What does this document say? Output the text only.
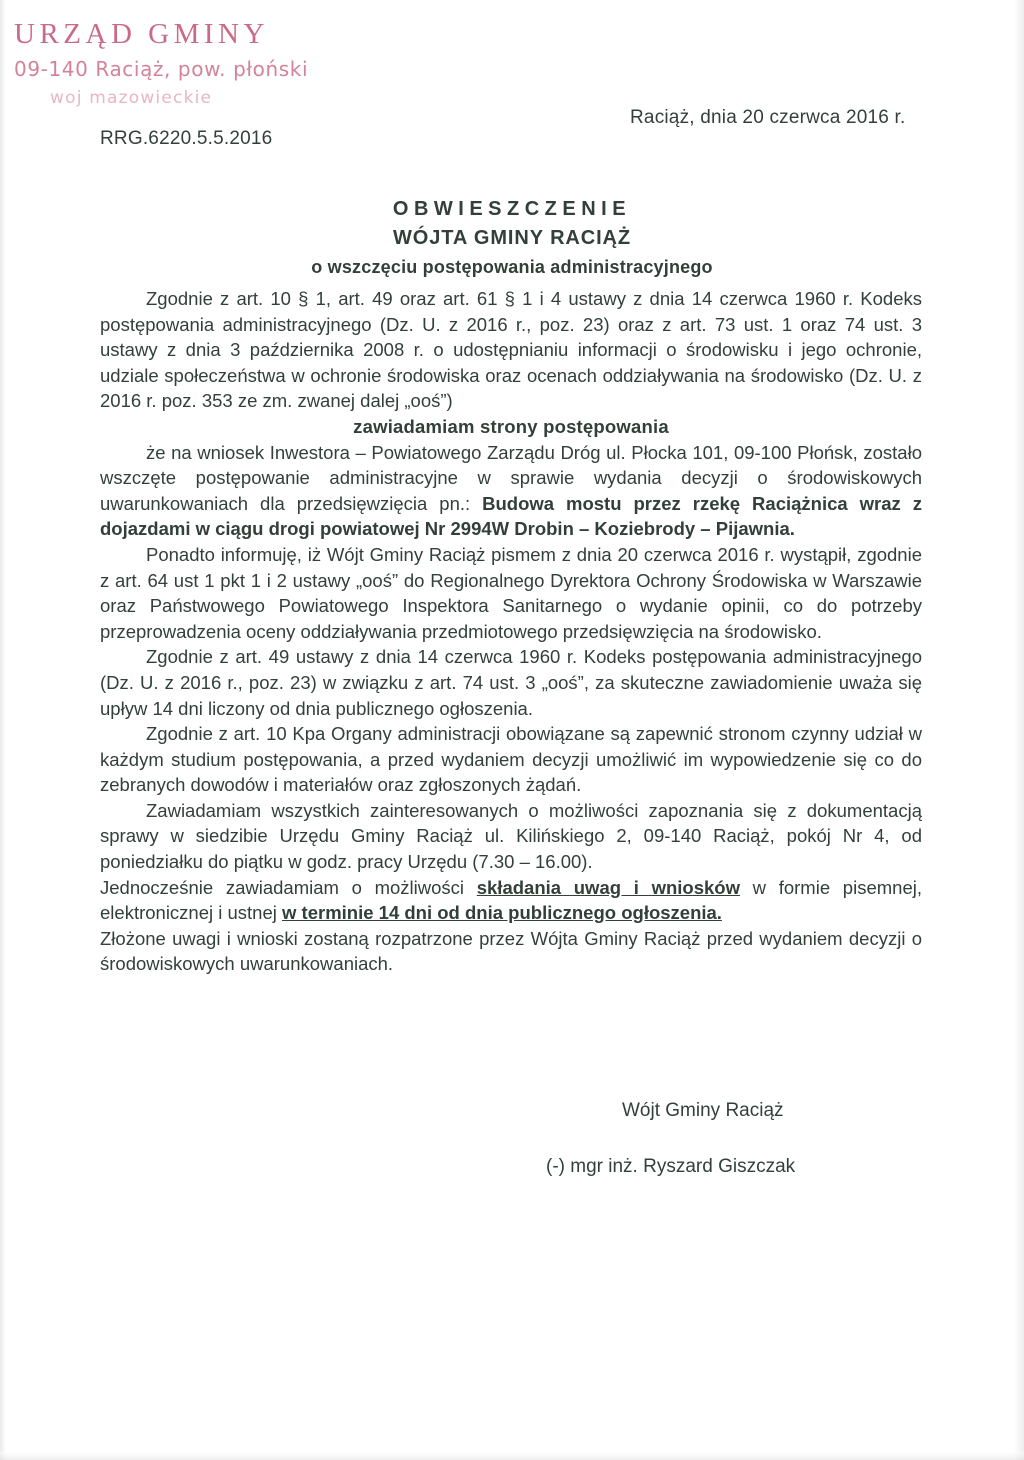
URZĄD GMINY
09-140 Raciąż, pow. płoński
woj mazowieckie
RRG.6220.5.5.2016
Raciąż, dnia 20 czerwca 2016 r.
OBWIESZCZENIE
WÓJTA GMINY RACIĄŻ
o wszczęciu postępowania administracyjnego

Zgodnie z art. 10 § 1, art. 49 oraz art. 61 § 1 i 4 ustawy z dnia 14 czerwca 1960 r. Kodeks postępowania administracyjnego (Dz. U. z 2016 r., poz. 23) oraz z art. 73 ust. 1 oraz 74 ust. 3 ustawy z dnia 3 października 2008 r. o udostępnianiu informacji o środowisku i jego ochronie, udziale społeczeństwa w ochronie środowiska oraz ocenach oddziaływania na środowisko (Dz. U. z 2016 r. poz. 353 ze zm. zwanej dalej „ooś”)

zawiadamiam strony postępowania

że na wniosek Inwestora – Powiatowego Zarządu Dróg ul. Płocka 101, 09-100 Płońsk, zostało wszczęte postępowanie administracyjne w sprawie wydania decyzji o środowiskowych uwarunkowaniach dla przedsięwzięcia pn.: Budowa mostu przez rzekę Raciążnica wraz z dojazdami w ciągu drogi powiatowej Nr 2994W Drobin – Koziebrody – Pijawnia.

Ponadto informuję, iż Wójt Gminy Raciąż pismem z dnia 20 czerwca 2016 r. wystąpił, zgodnie z art. 64 ust 1 pkt 1 i 2 ustawy „ooś” do Regionalnego Dyrektora Ochrony Środowiska w Warszawie oraz Państwowego Powiatowego Inspektora Sanitarnego o wydanie opinii, co do potrzeby przeprowadzenia oceny oddziaływania przedmiotowego przedsięwzięcia na środowisko.

Zgodnie z art. 49 ustawy z dnia 14 czerwca 1960 r. Kodeks postępowania administracyjnego (Dz. U. z 2016 r., poz. 23) w związku z art. 74 ust. 3 „ooś”, za skuteczne zawiadomienie uważa się upływ 14 dni liczony od dnia publicznego ogłoszenia.

Zgodnie z art. 10 Kpa Organy administracji obowiązane są zapewnić stronom czynny udział w każdym studium postępowania, a przed wydaniem decyzji umożliwić im wypowiedzenie się co do zebranych dowodów i materiałów oraz zgłoszonych żądań.

Zawiadamiam wszystkich zainteresowanych o możliwości zapoznania się z dokumentacją sprawy w siedzibie Urzędu Gminy Raciąż ul. Kilińskiego 2, 09-140 Raciąż, pokój Nr 4, od poniedziałku do piątku w godz. pracy Urzędu (7.30 – 16.00).

Jednocześnie zawiadamiam o możliwości składania uwag i wniosków w formie pisemnej, elektronicznej i ustnej w terminie 14 dni od dnia publicznego ogłoszenia.

Złożone uwagi i wnioski zostaną rozpatrzone przez Wójta Gminy Raciąż przed wydaniem decyzji o środowiskowych uwarunkowaniach.

Wójt Gminy Raciąż
(-) mgr inż. Ryszard Giszczak
